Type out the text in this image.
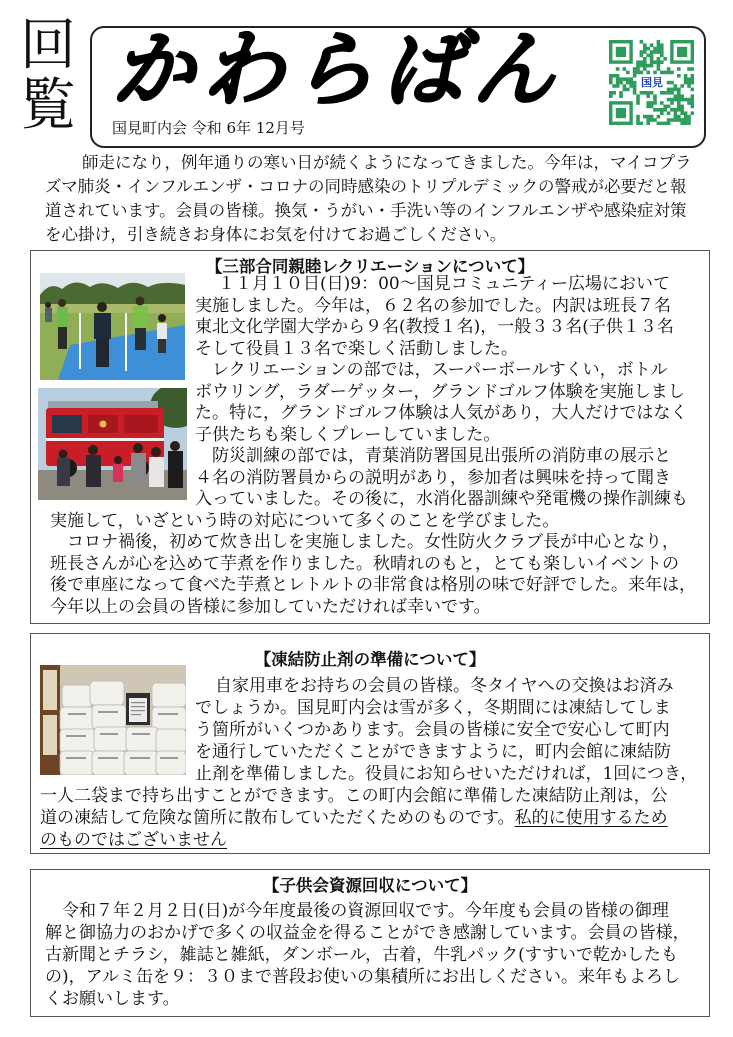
回
覧 かわらばん
国見町内会 令和 6年 12月号
国見
師走になり，例年通りの寒い日が続くようになってきました。今年は，マイコプラ
ズマ肺炎・インフルエンザ・コロナの同時感染のトリプルデミックの警戒が必要だと報
道されています。会員の皆様。換気・うがい・手洗い等のインフルエンザや感染症対策
を心掛け，引き続きお身体にお気を付けてお過ごしください。
【三部合同親睦レクリエーションについて】
１１月１０日(日)9：00～国見コミュニティー広場において
実施しました。今年は，６２名の参加でした。内訳は班長７名
東北文化学園大学から９名(教授１名)，一般３３名(子供１３名
そして役員１３名で楽しく活動しました。
レクリエーションの部では，スーパーボールすくい，ボトル
ボウリング，ラダーゲッター，グランドゴルフ体験を実施しまし
た。特に，グランドゴルフ体験は人気があり，大人だけではなく
子供たちも楽しくプレーしていました。
防災訓練の部では，青葉消防署国見出張所の消防車の展示と
４名の消防署員からの説明があり，参加者は興味を持って聞き
入っていました。その後に，水消化器訓練や発電機の操作訓練も
実施して，いざという時の対応について多くのことを学びました。
コロナ禍後，初めて炊き出しを実施しました。女性防火クラブ長が中心となり，
班長さんが心を込めて芋煮を作りました。秋晴れのもと，とても楽しいイベントの
後で車座になって食べた芋煮とレトルトの非常食は格別の味で好評でした。来年は，
今年以上の会員の皆様に参加していただければ幸いです。
【凍結防止剤の準備について】
自家用車をお持ちの会員の皆様。冬タイヤへの交換はお済み
でしょうか。国見町内会は雪が多く，冬期間には凍結してしま
う箇所がいくつかあります。会員の皆様に安全で安心して町内
を通行していただくことができますように，町内会館に凍結防
止剤を準備しました。役員にお知らせいただければ，1回につき，
一人二袋まで持ち出すことができます。この町内会館に準備した凍結防止剤は，公
道の凍結して危険な箇所に散布していただくためのものです。私的に使用するため
のものではございません
【子供会資源回収について】
令和７年２月２日(日)が今年度最後の資源回収です。今年度も会員の皆様の御理
解と御協力のおかげで多くの収益金を得ることができ感謝しています。会員の皆様，
古新聞とチラシ，雑誌と雑紙，ダンボール，古着，牛乳パック(すすいで乾かしたも
の)，アルミ缶を９：３０まで普段お使いの集積所にお出しください。来年もよろし
くお願いします。
